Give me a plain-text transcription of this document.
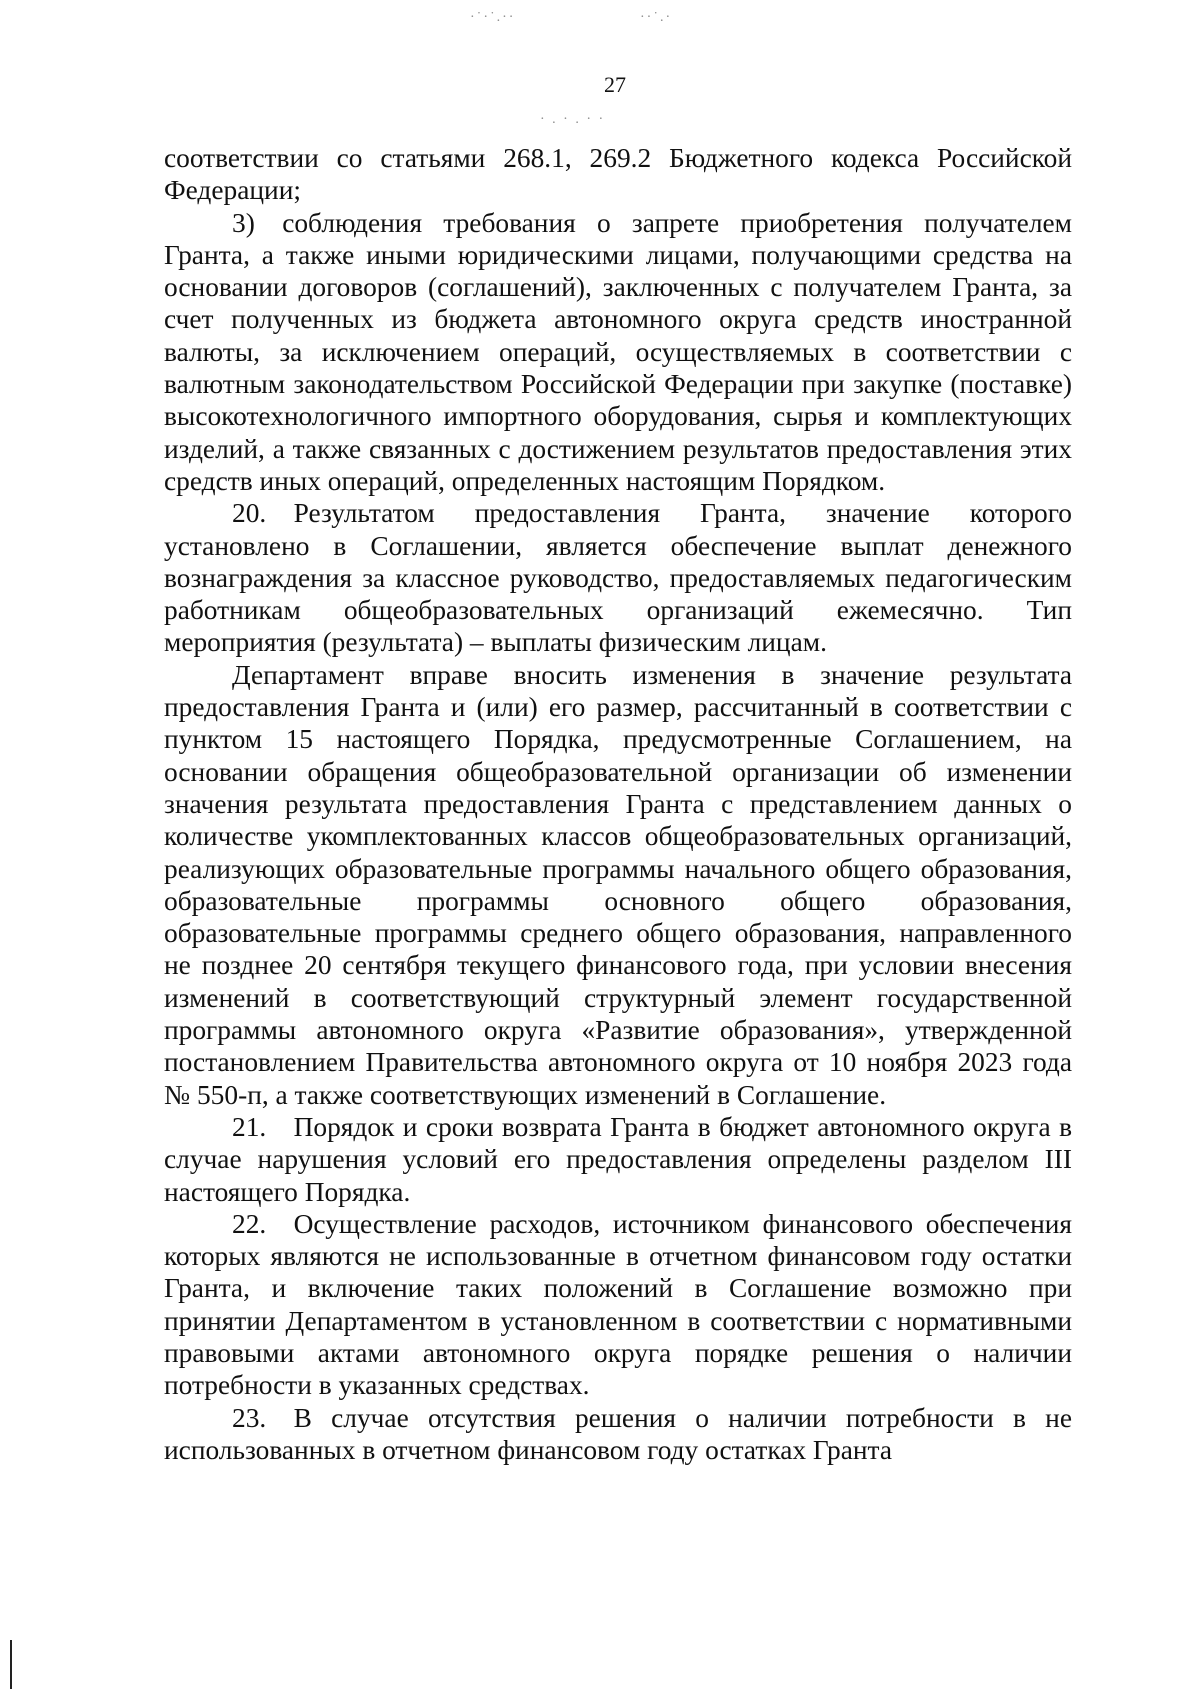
·˙·˙.··	··˙.·
· . · . · ·
27

соответствии со статьями 268.1, 269.2 Бюджетного кодекса Российской Федерации;

3) соблюдения требования о запрете приобретения получателем Гранта, а также иными юридическими лицами, получающими средства на основании договоров (соглашений), заключенных с получателем Гранта, за счет полученных из бюджета автономного округа средств иностранной валюты, за исключением операций, осуществляемых в соответствии с валютным законодательством Российской Федерации при закупке (поставке) высокотехнологичного импортного оборудования, сырья и комплектующих изделий, а также связанных с достижением результатов предоставления этих средств иных операций, определенных настоящим Порядком.

20. Результатом предоставления Гранта, значение которого установлено в Соглашении, является обеспечение выплат денежного вознаграждения за классное руководство, предоставляемых педагогическим работникам общеобразовательных организаций ежемесячно. Тип мероприятия (результата) – выплаты физическим лицам.

Департамент вправе вносить изменения в значение результата предоставления Гранта и (или) его размер, рассчитанный в соответствии с пунктом 15 настоящего Порядка, предусмотренные Соглашением, на основании обращения общеобразовательной организации об изменении значения результата предоставления Гранта с представлением данных о количестве укомплектованных классов общеобразовательных организаций, реализующих образовательные программы начального общего образования, образовательные программы основного общего образования, образовательные программы среднего общего образования, направленного не позднее 20 сентября текущего финансового года, при условии внесения изменений в соответствующий структурный элемент государственной программы автономного округа «Развитие образования», утвержденной постановлением Правительства автономного округа от 10 ноября 2023 года № 550-п, а также соответствующих изменений в Соглашение.

21. Порядок и сроки возврата Гранта в бюджет автономного округа в случае нарушения условий его предоставления определены разделом III настоящего Порядка.

22. Осуществление расходов, источником финансового обеспечения которых являются не использованные в отчетном финансовом году остатки Гранта, и включение таких положений в Соглашение возможно при принятии Департаментом в установленном в соответствии с нормативными правовыми актами автономного округа порядке решения о наличии потребности в указанных средствах.

23. В случае отсутствия решения о наличии потребности в не использованных в отчетном финансовом году остатках Гранта
